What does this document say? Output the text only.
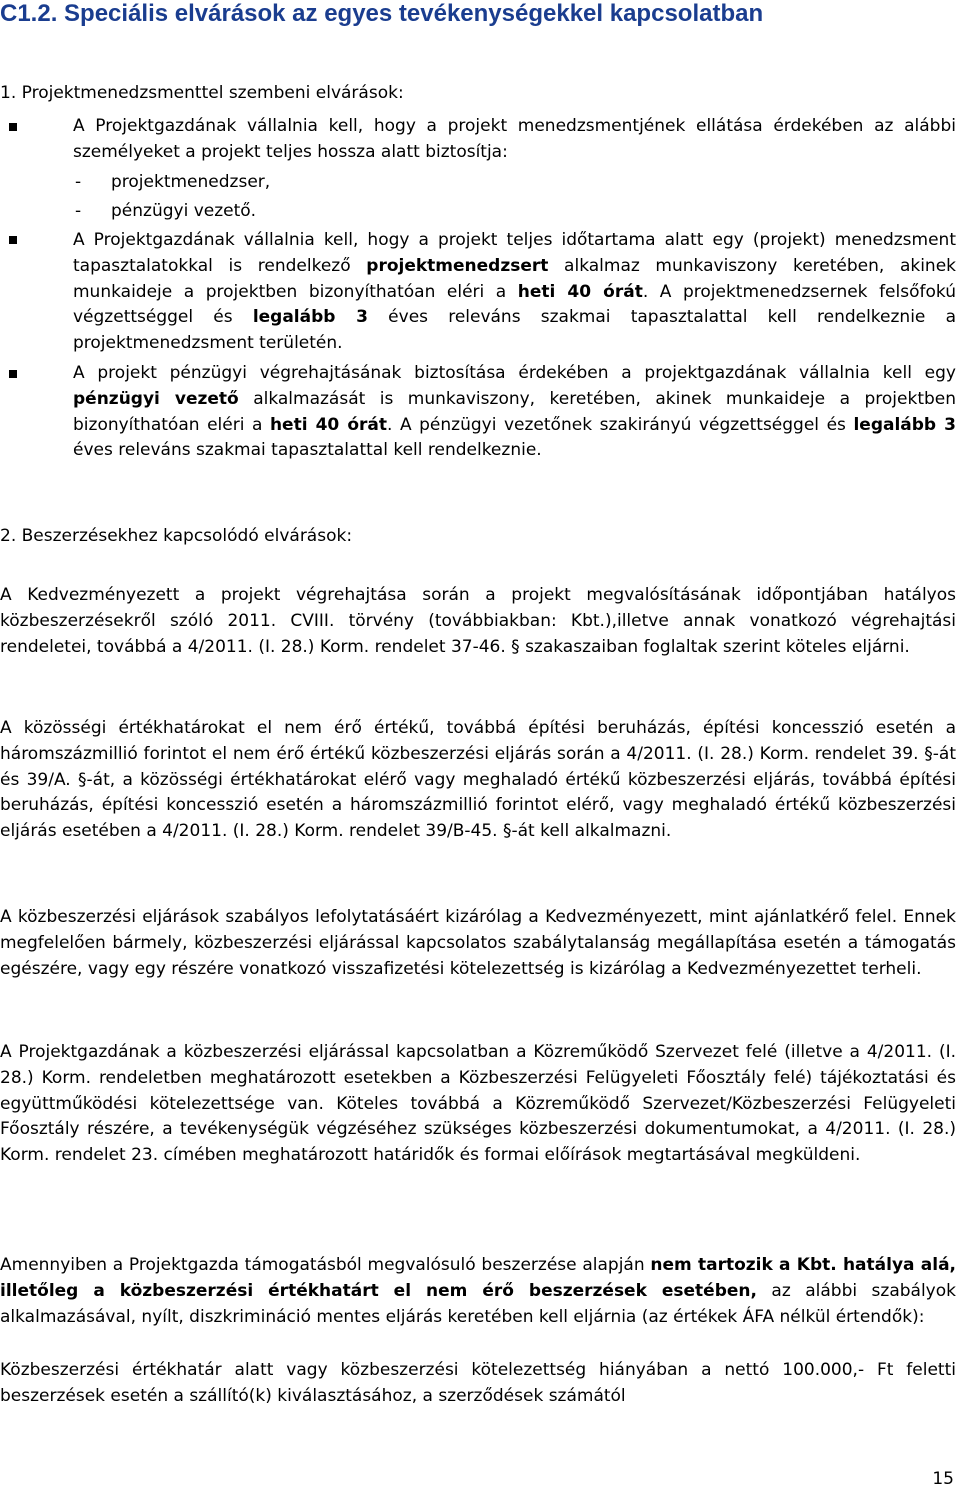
C1.2. Speciális elvárások az egyes tevékenységekkel kapcsolatban

1. Projektmenedzsmenttel szembeni elvárások:

A Projektgazdának vállalnia kell, hogy a projekt menedzsmentjének ellátása érdekében az alábbi személyeket a projekt teljes hossza alatt biztosítja:

- projektmenedzser,
- pénzügyi vezető.

A Projektgazdának vállalnia kell, hogy a projekt teljes időtartama alatt egy (projekt) menedzsment tapasztalatokkal is rendelkező projektmenedzsert alkalmaz munkaviszony keretében, akinek munkaideje a projektben bizonyíthatóan eléri a heti 40 órát. A projektmenedzsernek felsőfokú végzettséggel és legalább 3 éves releváns szakmai tapasztalattal kell rendelkeznie a projektmenedzsment területén.

A projekt pénzügyi végrehajtásának biztosítása érdekében a projektgazdának vállalnia kell egy pénzügyi vezető alkalmazását is munkaviszony, keretében, akinek munkaideje a projektben bizonyíthatóan eléri a heti 40 órát. A pénzügyi vezetőnek szakirányú végzettséggel és legalább 3 éves releváns szakmai tapasztalattal kell rendelkeznie.

2. Beszerzésekhez kapcsolódó elvárások:

A Kedvezményezett a projekt végrehajtása során a projekt megvalósításának időpontjában hatályos közbeszerzésekről szóló 2011. CVIII. törvény (továbbiakban: Kbt.),illetve annak vonatkozó végrehajtási rendeletei, továbbá a 4/2011. (I. 28.) Korm. rendelet 37-46. § szakaszaiban foglaltak szerint köteles eljárni.

A közösségi értékhatárokat el nem érő értékű, továbbá építési beruházás, építési koncesszió esetén a háromszázmillió forintot el nem érő értékű közbeszerzési eljárás során a 4/2011. (I. 28.) Korm. rendelet 39. §-át és 39/A. §-át, a közösségi értékhatárokat elérő vagy meghaladó értékű közbeszerzési eljárás, továbbá építési beruházás, építési koncesszió esetén a háromszázmillió forintot elérő, vagy meghaladó értékű közbeszerzési eljárás esetében a 4/2011. (I. 28.) Korm. rendelet 39/B-45. §-át kell alkalmazni.

A közbeszerzési eljárások szabályos lefolytatásáért kizárólag a Kedvezményezett, mint ajánlatkérő felel. Ennek megfelelően bármely, közbeszerzési eljárással kapcsolatos szabálytalanság megállapítása esetén a támogatás egészére, vagy egy részére vonatkozó visszafizetési kötelezettség is kizárólag a Kedvezményezettet terheli.

A Projektgazdának a közbeszerzési eljárással kapcsolatban a Közreműködő Szervezet felé (illetve a 4/2011. (I. 28.) Korm. rendeletben meghatározott esetekben a Közbeszerzési Felügyeleti Főosztály felé) tájékoztatási és együttműködési kötelezettsége van. Köteles továbbá a Közreműködő Szervezet/Közbeszerzési Felügyeleti Főosztály részére, a tevékenységük végzéséhez szükséges közbeszerzési dokumentumokat, a 4/2011. (I. 28.) Korm. rendelet 23. címében meghatározott határidők és formai előírások megtartásával megküldeni.

Amennyiben a Projektgazda támogatásból megvalósuló beszerzése alapján nem tartozik a Kbt. hatálya alá, illetőleg a közbeszerzési értékhatárt el nem érő beszerzések esetében, az alábbi szabályok alkalmazásával, nyílt, diszkrimináció mentes eljárás keretében kell eljárnia (az értékek ÁFA nélkül értendők):

Közbeszerzési értékhatár alatt vagy közbeszerzési kötelezettség hiányában a nettó 100.000,- Ft feletti beszerzések esetén a szállító(k) kiválasztásához, a szerződések számától

15
